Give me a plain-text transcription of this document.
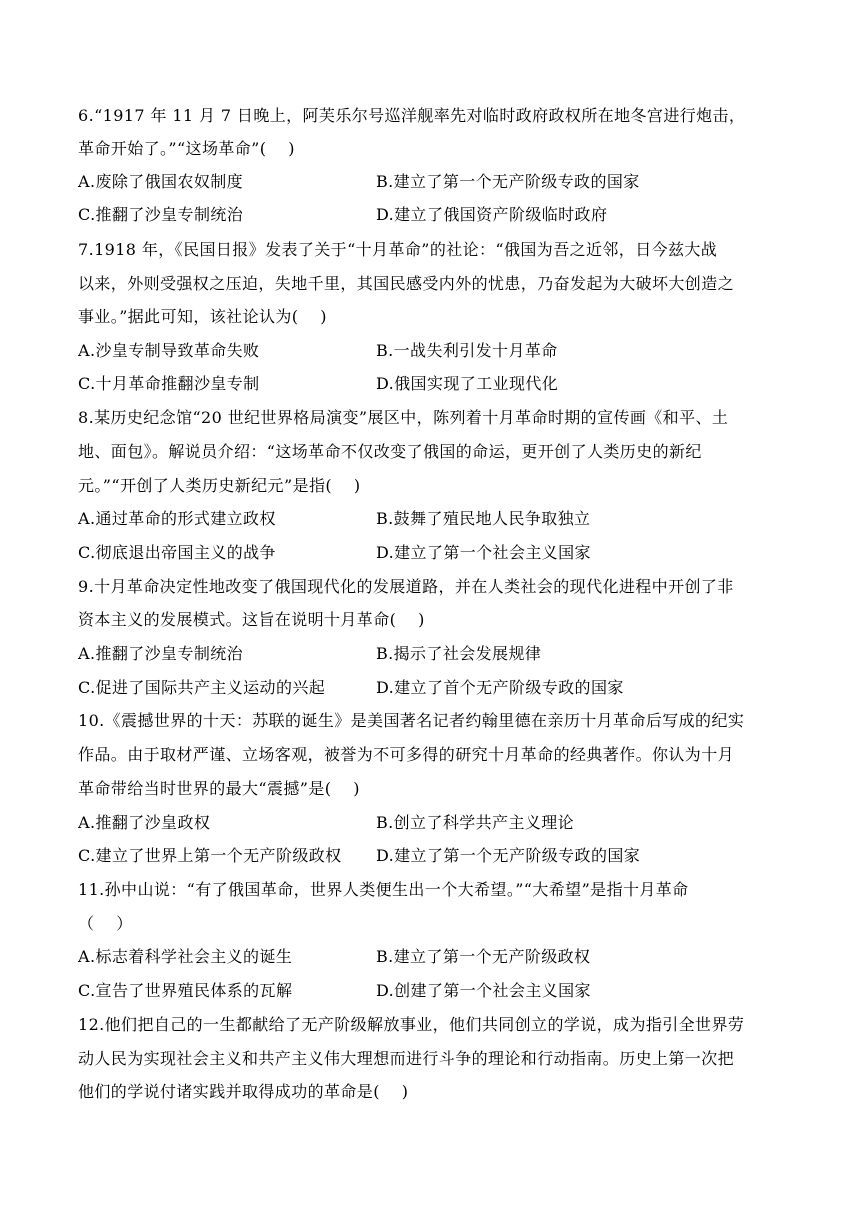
6.“1917 年 11 月 7 日晚上，阿芙乐尔号巡洋舰率先对临时政府政权所在地冬宫进行炮击，
革命开始了。”“这场革命”(　 )
A.废除了俄国农奴制度	B.建立了第一个无产阶级专政的国家
C.推翻了沙皇专制统治	D.建立了俄国资产阶级临时政府
7.1918 年，《民国日报》发表了关于“十月革命”的社论：“俄国为吾之近邻，日今兹大战
以来，外则受强权之压迫，失地千里，其国民感受内外的忧患，乃奋发起为大破坏大创造之
事业。”据此可知，该社论认为(　 )
A.沙皇专制导致革命失败	B.一战失利引发十月革命
C.十月革命推翻沙皇专制	D.俄国实现了工业现代化
8.某历史纪念馆“20 世纪世界格局演变”展区中，陈列着十月革命时期的宣传画《和平、土
地、面包》。解说员介绍：“这场革命不仅改变了俄国的命运，更开创了人类历史的新纪
元。”“开创了人类历史新纪元”是指(　 )
A.通过革命的形式建立政权	B.鼓舞了殖民地人民争取独立
C.彻底退出帝国主义的战争	D.建立了第一个社会主义国家
9.十月革命决定性地改变了俄国现代化的发展道路，并在人类社会的现代化进程中开创了非
资本主义的发展模式。这旨在说明十月革命(　 )
A.推翻了沙皇专制统治	B.揭示了社会发展规律
C.促进了国际共产主义运动的兴起	D.建立了首个无产阶级专政的国家
10.《震撼世界的十天：苏联的诞生》是美国著名记者约翰里德在亲历十月革命后写成的纪实
作品。由于取材严谨、立场客观，被誉为不可多得的研究十月革命的经典著作。你认为十月
革命带给当时世界的最大“震撼”是(　 )
A.推翻了沙皇政权	B.创立了科学共产主义理论
C.建立了世界上第一个无产阶级政权 D.建立了第一个无产阶级专政的国家
11.孙中山说：“有了俄国革命，世界人类便生出一个大希望。”“大希望”是指十月革命
（　 ）
A.标志着科学社会主义的诞生	B.建立了第一个无产阶级政权
C.宣告了世界殖民体系的瓦解	D.创建了第一个社会主义国家
12.他们把自己的一生都献给了无产阶级解放事业，他们共同创立的学说，成为指引全世界劳
动人民为实现社会主义和共产主义伟大理想而进行斗争的理论和行动指南。历史上第一次把
他们的学说付诸实践并取得成功的革命是(　 )
